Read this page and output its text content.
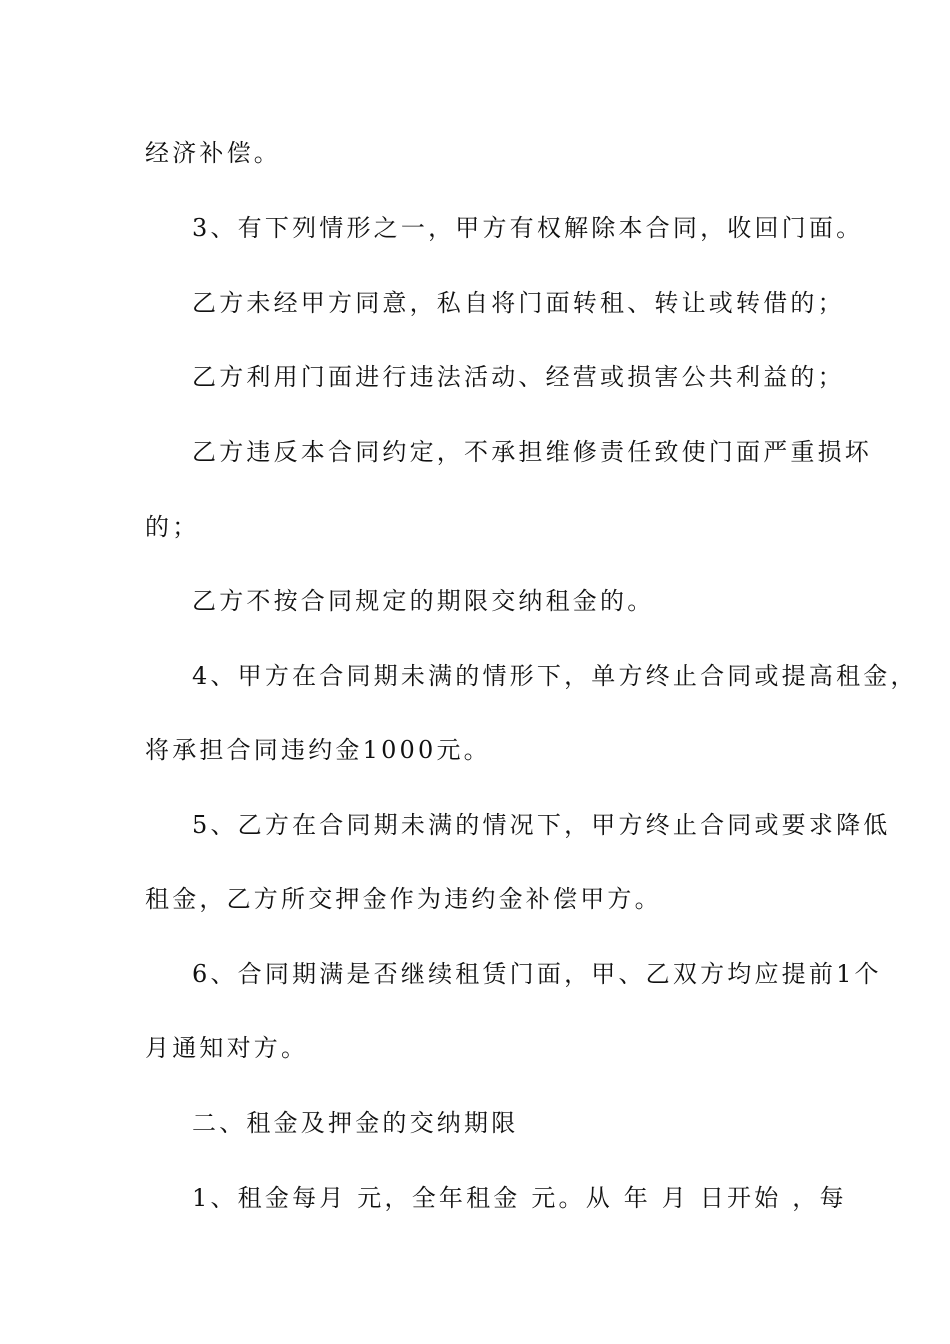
经济补偿。
3、有下列情形之一，甲方有权解除本合同，收回门面。
乙方未经甲方同意，私自将门面转租、转让或转借的；
乙方利用门面进行违法活动、经营或损害公共利益的；
乙方违反本合同约定，不承担维修责任致使门面严重损坏
的；
乙方不按合同规定的期限交纳租金的。
4、甲方在合同期未满的情形下，单方终止合同或提高租金，
将承担合同违约金1000元。
5、乙方在合同期未满的情况下，甲方终止合同或要求降低
租金，乙方所交押金作为违约金补偿甲方。
6、合同期满是否继续租赁门面，甲、乙双方均应提前1个
月通知对方。
二、租金及押金的交纳期限
1、租金每月 元，全年租金 元。从 年 月 日开始 ，每
